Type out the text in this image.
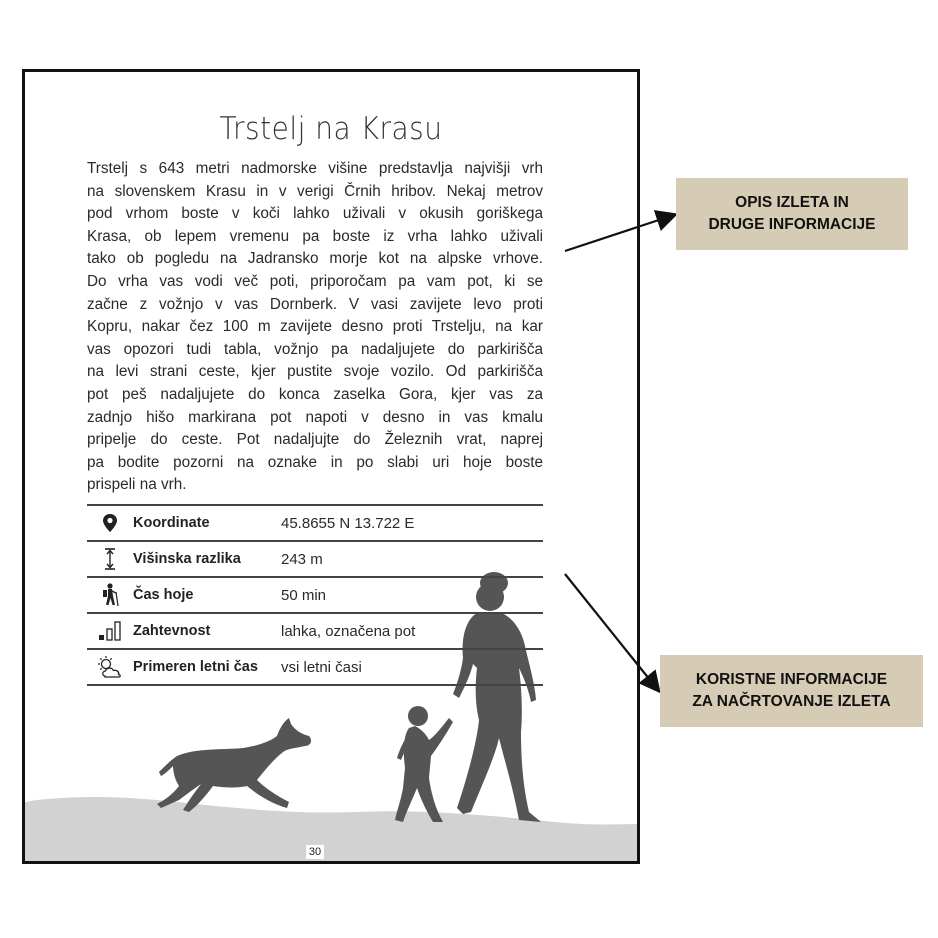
Trstelj na Krasu
Trstelj s 643 metri nadmorske višine predstavlja najvišji vrh
na slovenskem Krasu in v verigi Črnih hribov. Nekaj metrov
pod vrhom boste v koči lahko uživali v okusih goriškega
Krasa, ob lepem vremenu pa boste iz vrha lahko uživali
tako ob pogledu na Jadransko morje kot na alpske vrhove.
Do vrha vas vodi več poti, priporočam pa vam pot, ki se
začne z vožnjo v vas Dornberk. V vasi zavijete levo proti
Kopru, nakar čez 100 m zavijete desno proti Trstelju, na kar
vas opozori tudi tabla, vožnjo pa nadaljujete do parkirišča
na levi strani ceste, kjer pustite svoje vozilo. Od parkirišča
pot peš nadaljujete do konca zaselka Gora, kjer vas za
zadnjo hišo markirana pot napoti v desno in vas kmalu
pripelje do ceste. Pot nadaljujte do Železnih vrat, naprej
pa bodite pozorni na oznake in po slabi uri hoje boste
prispeli na vrh.
Koordinate	45.8655 N 13.722 E
Višinska razlika	243 m
Čas hoje	50 min
Zahtevnost	lahka, označena pot
Primeren letni čas	vsi letni časi
30
OPIS IZLETA IN
DRUGE INFORMACIJE
KORISTNE INFORMACIJE
ZA NAČRTOVANJE IZLETA
